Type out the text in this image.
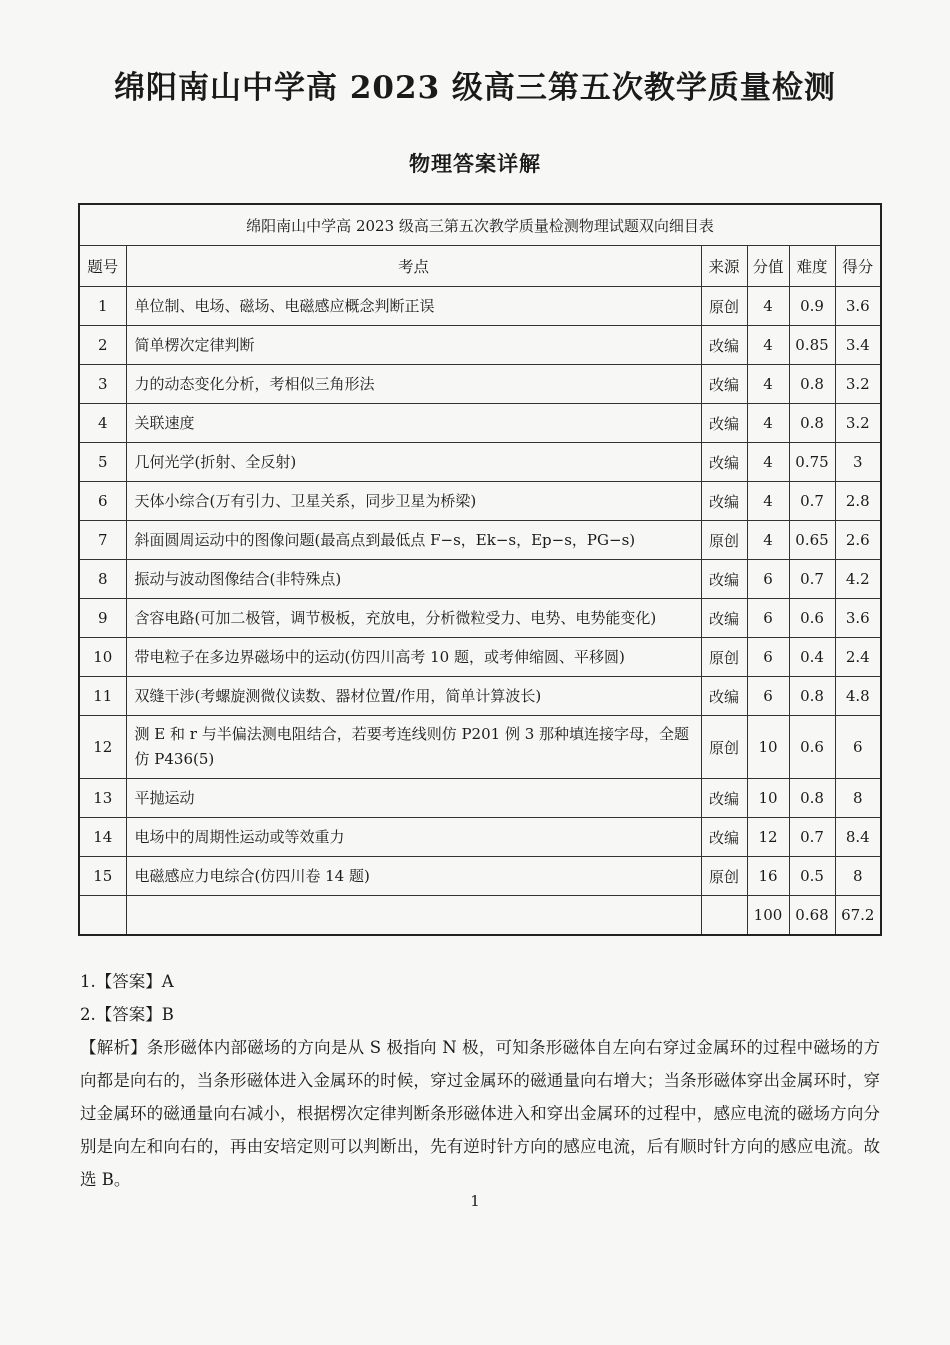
绵阳南山中学高 2023 级高三第五次教学质量检测
物理答案详解
绵阳南山中学高 2023 级高三第五次教学质量检测物理试题双向细目表					
题号	考点	来源	分值	难度	得分
1	单位制、电场、磁场、电磁感应概念判断正误	原创	4	0.9	3.6
2	简单楞次定律判断	改编	4	0.85	3.4
3	力的动态变化分析，考相似三角形法	改编	4	0.8	3.2
4	关联速度	改编	4	0.8	3.2
5	几何光学(折射、全反射)	改编	4	0.75	3
6	天体小综合(万有引力、卫星关系，同步卫星为桥梁)	改编	4	0.7	2.8
7	斜面圆周运动中的图像问题(最高点到最低点 F−s，Ek−s，Ep−s，PG−s)	原创	4	0.65	2.6
8	振动与波动图像结合(非特殊点)	改编	6	0.7	4.2
9	含容电路(可加二极管，调节极板，充放电，分析微粒受力、电势、电势能变化)	改编	6	0.6	3.6
10	带电粒子在多边界磁场中的运动(仿四川高考 10 题，或考伸缩圆、平移圆)	原创	6	0.4	2.4
11	双缝干涉(考螺旋测微仪读数、器材位置/作用，简单计算波长)	改编	6	0.8	4.8
12	测 E 和 r 与半偏法测电阻结合，若要考连线则仿 P201 例 3 那种填连接字母，全题仿 P436(5)	原创	10	0.6	6
13	平抛运动	改编	10	0.8	8
14	电场中的周期性运动或等效重力	改编	12	0.7	8.4
15	电磁感应力电综合(仿四川卷 14 题)	原创	16	0.5	8
			100	0.68	67.2

1.【答案】A

2.【答案】B

【解析】条形磁体内部磁场的方向是从 S 极指向 N 极，可知条形磁体自左向右穿过金属环的过程中磁场的方向都是向右的，当条形磁体进入金属环的时候，穿过金属环的磁通量向右增大；当条形磁体穿出金属环时，穿过金属环的磁通量向右减小，根据楞次定律判断条形磁体进入和穿出金属环的过程中，感应电流的磁场方向分别是向左和向右的，再由安培定则可以判断出，先有逆时针方向的感应电流，后有顺时针方向的感应电流。故选 B。

1
